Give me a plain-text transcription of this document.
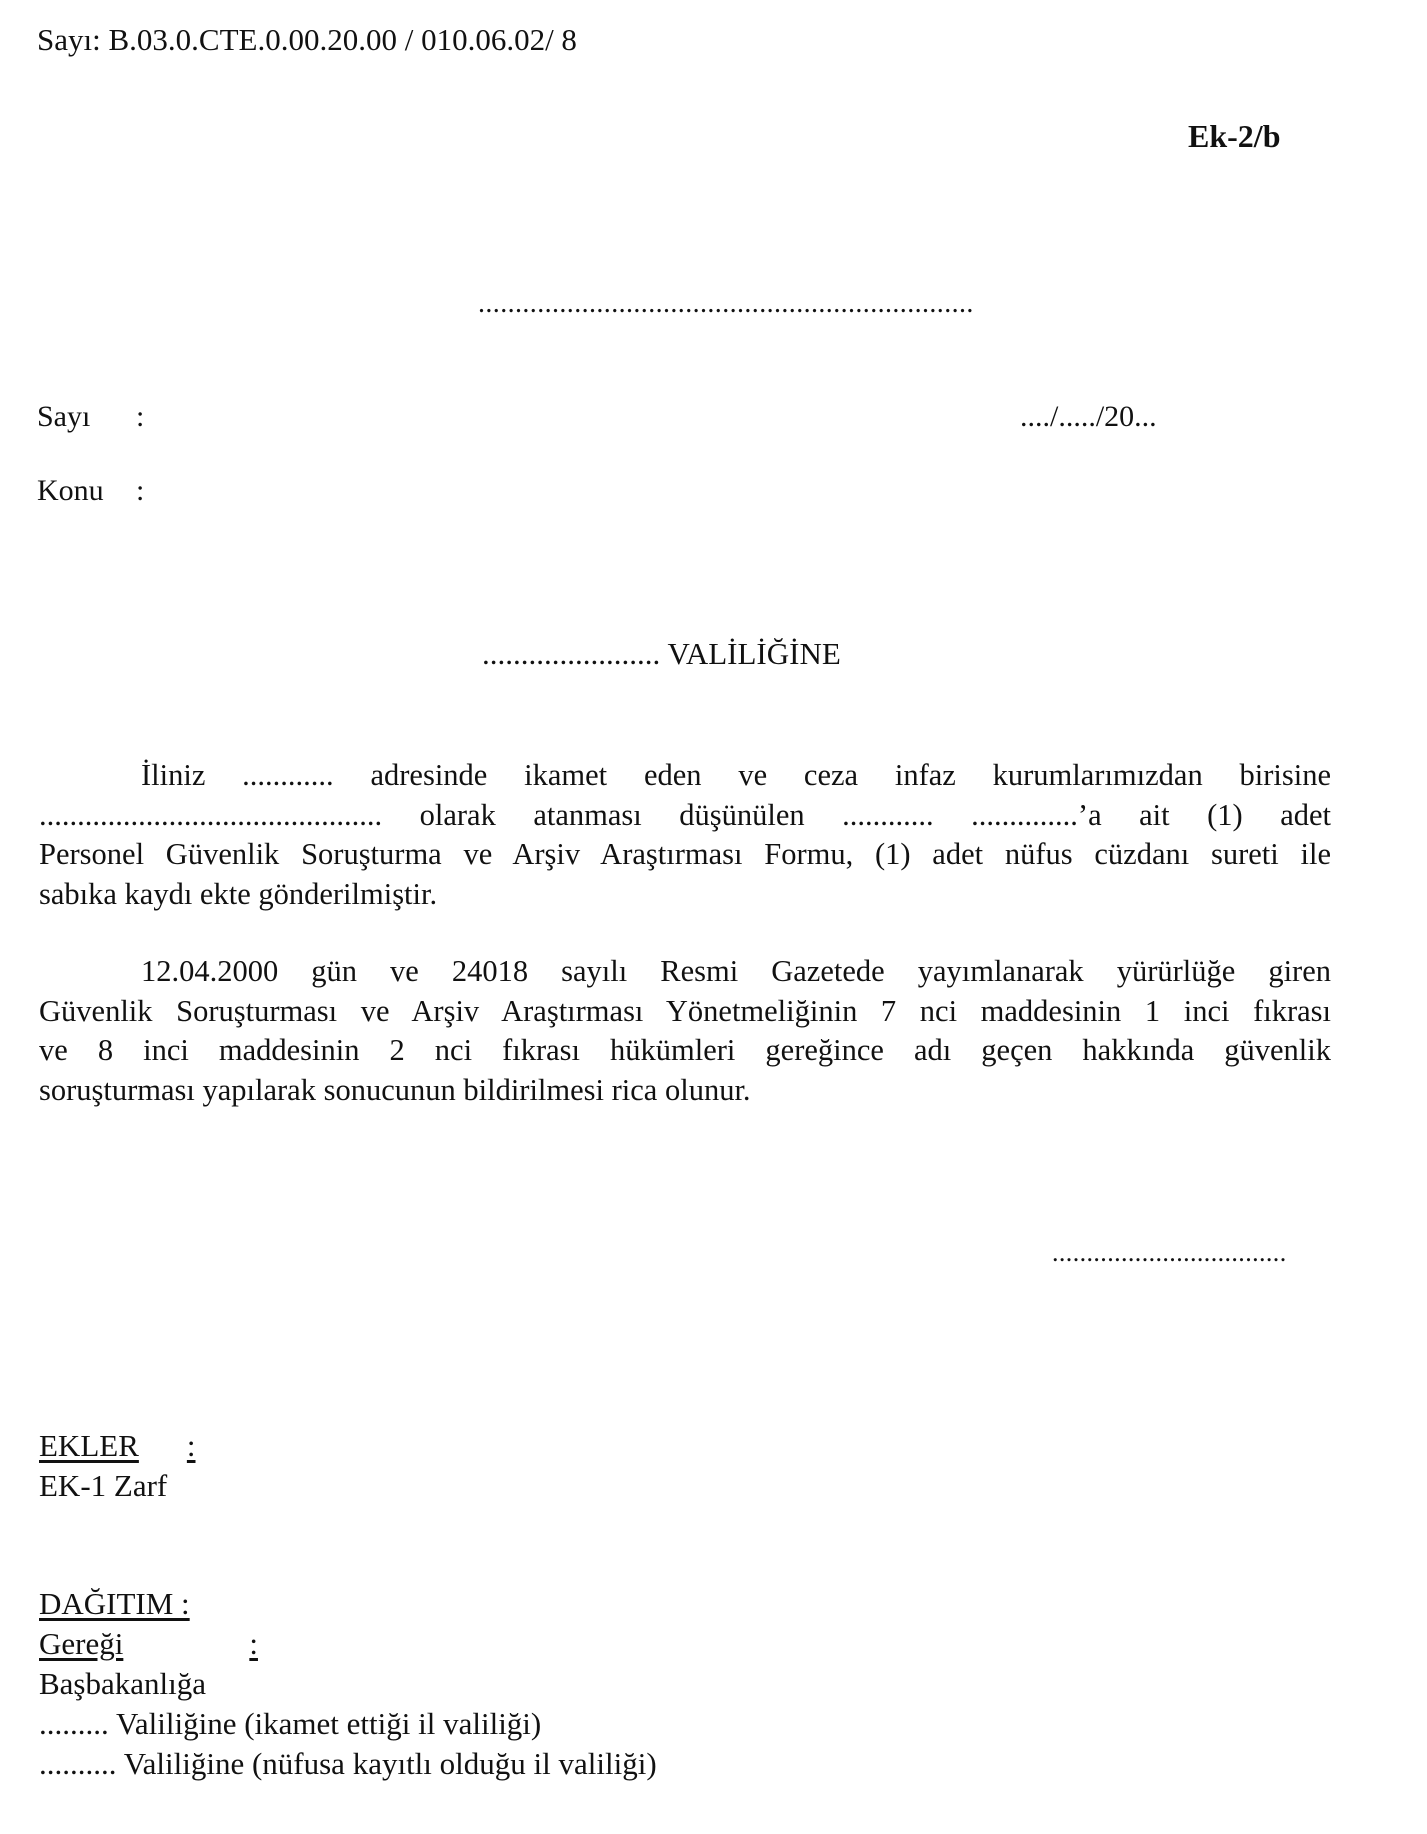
Sayı: B.03.0.CTE.0.00.20.00 / 010.06.02/ 8
Ek-2/b
...................................................................
Sayı :	..../...../20...
Konu :
....................... VALİLİĞİNE
İliniz ............ adresinde ikamet eden ve ceza infaz kurumlarımızdan birisine
............................................. olarak atanması düşünülen ............ ..............’a ait (1) adet
Personel Güvenlik Soruşturma ve Arşiv Araştırması Formu, (1) adet nüfus cüzdanı sureti ile
sabıka kaydı ekte gönderilmiştir.
12.04.2000 gün ve 24018 sayılı Resmi Gazetede yayımlanarak yürürlüğe giren
Güvenlik Soruşturması ve Arşiv Araştırması Yönetmeliğinin 7 nci maddesinin 1 inci fıkrası
ve 8 inci maddesinin 2 nci fıkrası hükümleri gereğince adı geçen hakkında güvenlik
soruşturması yapılarak sonucunun bildirilmesi rica olunur.
..................................
EKLER :
EK-1 Zarf
DAĞITIM :
Gereği	:
Başbakanlığa
......... Valiliğine (ikamet ettiği il valiliği)
.......... Valiliğine (nüfusa kayıtlı olduğu il valiliği)
